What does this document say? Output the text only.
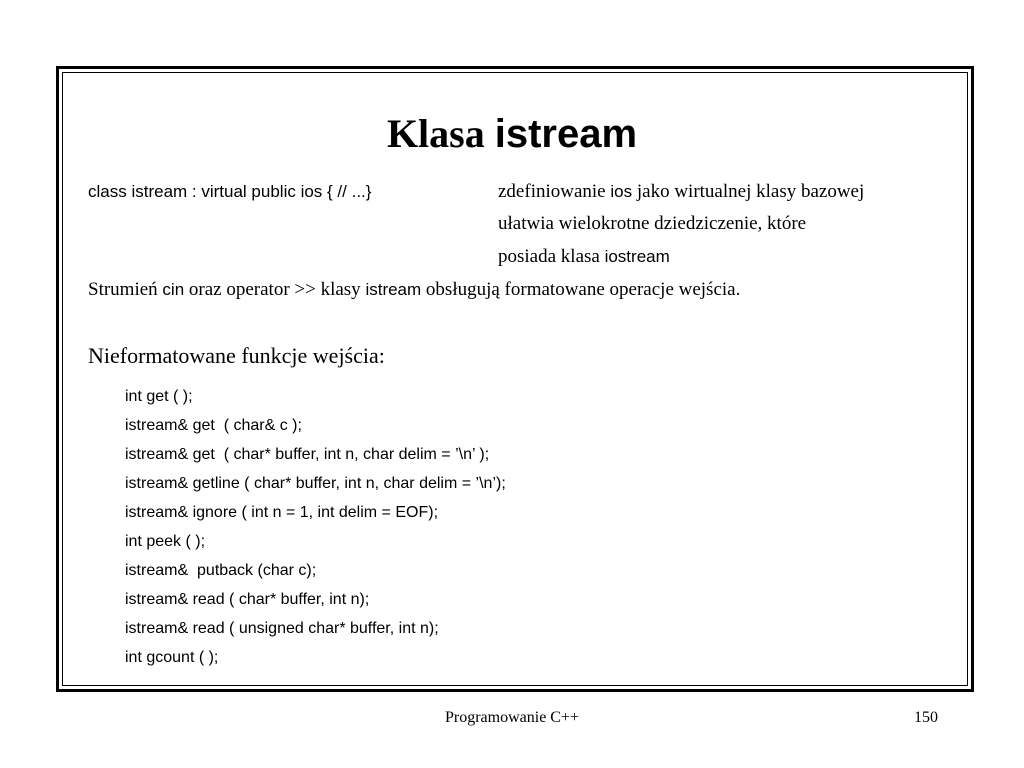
Klasa istream
class istream : virtual public ios { // ...}	zdefiniowanie ios jako wirtualnej klasy bazowej
ułatwia wielokrotne dziedziczenie, które
posiada klasa iostream
Strumień cin oraz operator >> klasy istream obsługują formatowane operacje wejścia.
Nieformatowane funkcje wejścia:
int get ( );
istream& get  ( char& c );
istream& get  ( char* buffer, int n, char delim = ’\n’ );
istream& getline ( char* buffer, int n, char delim = ’\n’);
istream& ignore ( int n = 1, int delim = EOF);
int peek ( );
istream&  putback (char c);
istream& read ( char* buffer, int n);
istream& read ( unsigned char* buffer, int n);
int gcount ( );
Programowanie C++	150
